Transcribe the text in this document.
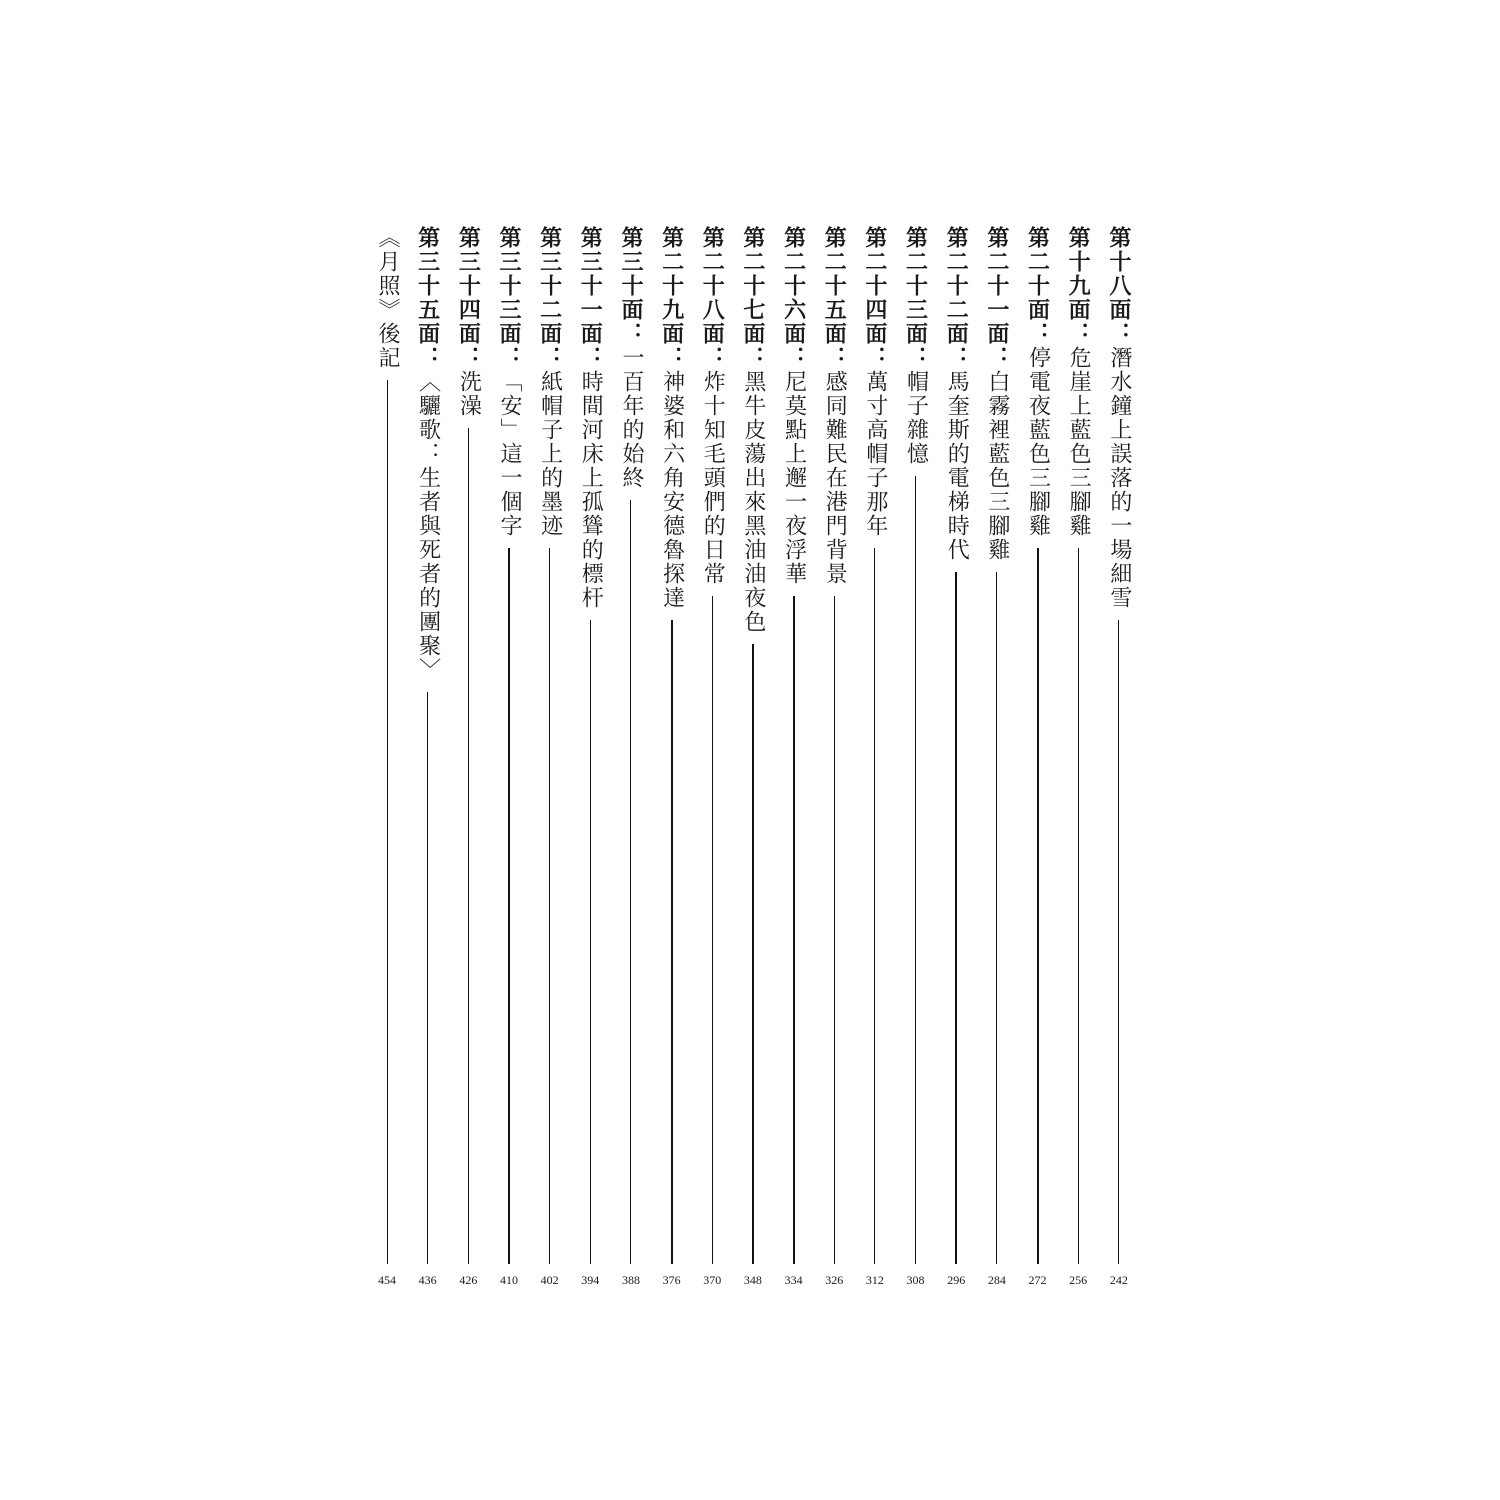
第十八面：潛水鐘上誤落的一場細雪
242
第十九面：危崖上藍色三腳雞
256
第二十面：停電夜藍色三腳雞
272
第二十一面：白霧裡藍色三腳雞
284
第二十二面：馬奎斯的電梯時代
296
第二十三面：帽子雜憶
308
第二十四面：萬寸高帽子那年
312
第二十五面：感同難民在港門背景
326
第二十六面：尼莫點上邂一夜浮華
334
第二十七面：黑牛皮蕩出來黑油油夜色
348
第二十八面：炸十知毛頭們的日常
370
第二十九面：神婆和六角安德魯探達
376
第三十面：一百年的始終
388
第三十一面：時間河床上孤聳的標杆
394
第三十二面：紙帽子上的墨迹
402
第三十三面：「安」這一個字
410
第三十四面：洗澡
426
第三十五面：〈驪歌：生者與死者的團聚〉
436
《月照》後記
454
